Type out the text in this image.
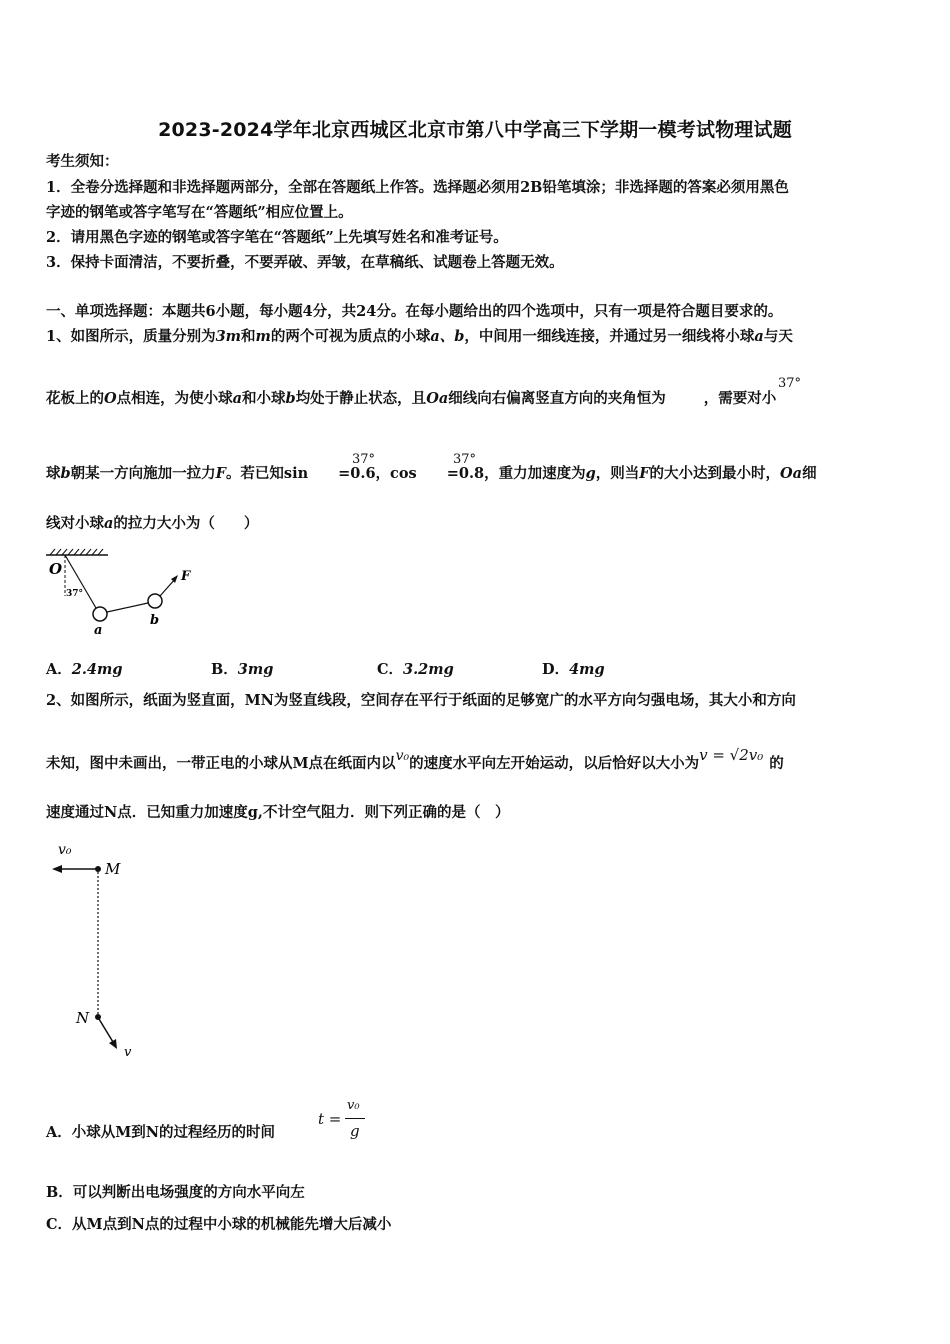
2023-2024学年北京西城区北京市第八中学高三下学期一模考试物理试题
考生须知：
1．全卷分选择题和非选择题两部分，全部在答题纸上作答。选择题必须用2B铅笔填涂；非选择题的答案必须用黑色
字迹的钢笔或答字笔写在“答题纸”相应位置上。
2．请用黑色字迹的钢笔或答字笔在“答题纸”上先填写姓名和准考证号。
3．保持卡面清洁，不要折叠，不要弄破、弄皱，在草稿纸、试题卷上答题无效。
一、单项选择题：本题共6小题，每小题4分，共24分。在每小题给出的四个选项中，只有一项是符合题目要求的。
1、如图所示，质量分别为3m和m的两个可视为质点的小球a、b，中间用一细线连接，并通过另一细线将小球a与天
花板上的O点相连，为使小球a和小球b均处于静止状态，且Oa细线向右偏离竖直方向的夹角恒为	，需要对小
37°
球b朝某一方向施加一拉力F。若已知sin =0.6，cos =0.8，重力加速度为g，则当F的大小达到最小时，Oa细
37°	37°
线对小球a的拉力大小为（　　）
O
37°
a
b
F
A．2.4mg	B．3mg	C．3.2mg	D．4mg
2、如图所示，纸面为竖直面，MN为竖直线段，空间存在平行于纸面的足够宽广的水平方向匀强电场，其大小和方向
未知，图中未画出，一带正电的小球从M点在纸面内以v₀的速度水平向左开始运动，以后恰好以大小为v = √2v₀ 的
速度通过N点．已知重力加速度g,不计空气阻力．则下列正确的是（　）
v₀
M
N
v
A．小球从M到N的过程经历的时间
t =
v₀
g
B．可以判断出电场强度的方向水平向左
C．从M点到N点的过程中小球的机械能先增大后减小
